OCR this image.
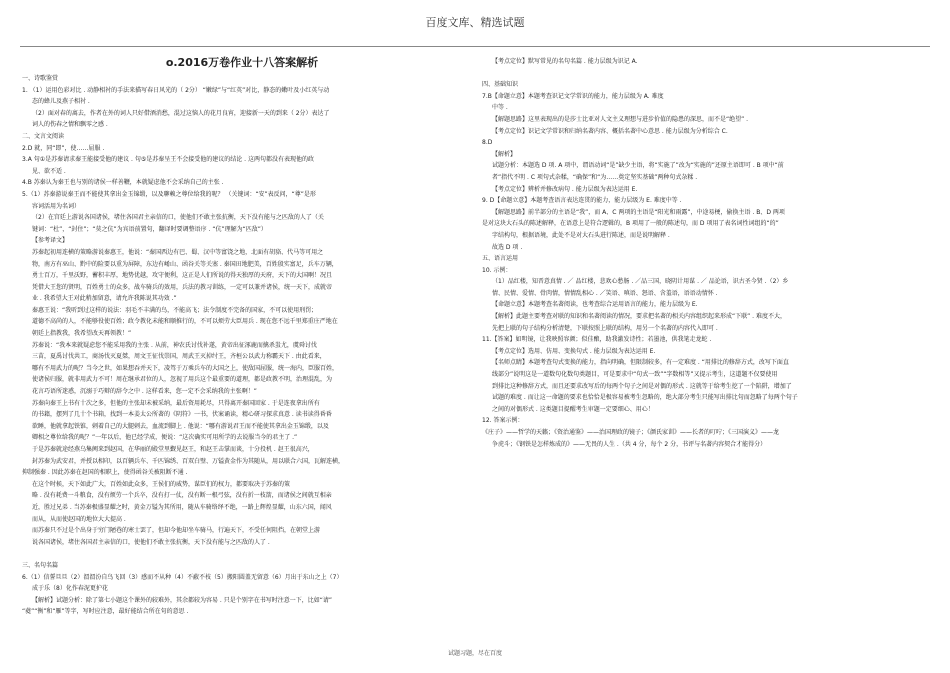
百度文库、精选试题
o.2016万卷作业十八答案解析
一、诗歌鉴赏
1. （1）运用色彩对比 . 动静相衬的手法来描写春日风光的（ 2分） “嫩绿”与“红英”对比，静态的嫩叶及小红英与动
态的蜂儿及燕子相衬 .
（2）面对春的离去，作者在外的词人只好借酒消愁，混过这恼人的花月良宵，迎接新一天的到来（ 2分）表达了
词人的伤春之情和飘零之感 .
二、文言文阅读
2.D 就，同“即”，使……屈服 .
3.A 句①是苏秦请求秦王能接受他的建议 . 句⑤是苏秦呈王不会接受他的建议的结论 . 这两句都没有表现他的政
见、欲不适 .
4.B 苏秦认为秦王也与别的诸侯一样善鞭，本就疑虑他不会采纳自己的主张 .
5.（1）苏秦游说秦王而不能使其拿出金玉锦缎，以及聊赖之尊位给我的呢？ （关键词：“安”表反问，“尊”是形
容词活用为名词）
（2）在宫廷上游说各国诸侯，堵住各国君主亲信的口，使他们不敢主张抗衡，天下没有能与之匹敌的人了（关
键词：“杜”，“封住”；“莫之伉”为宾语前置句，翻译时要调整语序 . “伉”理解为“匹敌”）
【参考译文】
苏秦起初用连横的策略游说秦惠王，他说：“秦国西边有巴、蜀、汉中等富饶之地，北面有胡貉、代马等可用之
物，南方有巫山、黔中的险要以重为屏障，东边有崤山、函谷关等关塞 . 秦国田地肥美，百姓殷实富足，兵车万辆，
勇士百万，千里沃野，蓄积丰厚，地势优越，攻守便利，这正是人们所说的得天独厚的天府，天下的大国啊！况且
凭借大王您的贤明，百姓勇士的众多，战车骑兵的效用，兵法的教习训练，一定可以兼并诸侯，统一天下，成就帝
业 . 我希望大王对此稍加留意，请允许我陈说其功效 .”
秦惠王说：“我听到过这样的说法：羽毛不丰满的鸟，不能高飞；法令制度不完备的国家，不可以使用刑罚；
道德不高尚的人，不能够役使百姓；政令教化未能和顺推行的，不可以烦劳大臣用兵 . 现在您不远千里郑重庄严地在
朝廷上指教我，我希望改天再领教！”
苏秦说：“我本来就疑虑您不能采用我的主张 . 从前，神农氏讨伐补遂，黄帝出征涿鹿而擒杀蚩尤，虞舜讨伐
三苗，夏禹讨伐共工，商汤伐灭夏桀，周文王征伐崇国，周武王灭掉纣王，齐桓公以武力称霸天下 . 由此看来，
哪有不用武力的呢？当今之世，如果想吞并天下，凌驾于万乘兵车的大国之上，使敌国屈服，统一海内，臣服百姓，
使诸侯归服，就非用武力不可！周在继承君位的人，忽视了用兵这个最重要的道理，都是政教不明，治理混乱，为
花言巧语所迷惑，沉溺于巧辩的辞令之中 . 这样看来，您一定不会采纳我的主张啊！”
苏秦向秦王上书有十次之多，但他的主张却未被采纳，最后资用耗尽，只得离开秦国回家 . 于是连夜拿出所有
的书籍，摆列了几十个书箱，找到一本姜太公所著的《阴符》一书，伏案诵读，精心研习探求真意 . 读书读得昏昏
欲睡，他就拿起铁锥，刺着自己的大腿刺去，血流到脚上 . 他说：“哪有游说君王而不能使其拿出金玉锦缎，以及
卿相之尊位给我的呢？”一年以后，他已经学成，便说：“这次确实可用所学的去说服当今的君主了 .”
于是苏秦就途经燕乌集阙来到赵国，在华丽的殿堂里觐见赵王，和赵王击掌而谈，十分投机 . 赵王很高兴，
封苏秦为武安君，并授以相印，以百辆兵车、千匹锦绣、百双白璧、万镒黄金作为其随从，用以联合六国，瓦解连横，
抑制强秦 . 因此苏秦在赵国的相职上，使得函谷关被阻断不通 .
在这个时候，天下如此广大，百姓如此众多，王侯们的威势，谋臣们的权力，都要取决于苏秦的策
略 . 没有耗费一斗粮食，没有烦劳一个兵卒，没有打一仗，没有断一根弓弦，没有折一枝箭，而诸侯之间就互相亲
近，胜过兄弟 . 当苏秦极盛显耀之时，黄金万镒为其所用，随从车骑络绎不绝，一路上辉煌显耀，山东六国，闻风
而从，从而使赵国的地位大大提高 .
而苏秦只不过是个出身于穷门陋巷的寒士罢了，但却今他却坐车骑马，行遍天下，不受任何阻挡，在朝堂上游
说各国诸侯，堵住各国君主亲信的口，使他们不敢主张抗衡，天下没有能与之匹敌的人了 .

三、名句名篇
6.（1）信誓旦旦（2）渭渭汾自鸟飞回（3）感而不从种（4）不蔽不枝（5）搬阳圆盖无留意（6）月出于东山之上（7）
成于乐（8）化作春泥更护花
【解析】试题分析：除了第七小题这个课外的较难外，其余都较为容易 . 只是个别字在书写时注意一下，比如“请”
“蕤”“衡”和“雁”等字，写时应注意，最好能结合所在句的意思 .
【考点定位】默写常见的名句名篇 . 能力层级为识记 A.

四、基础知识
7.B【命题立意】本题考查识记文学常识的能力，能力层级为 A. 难度
中等 .
【解题思路】这里表现出的是莎士比亚对人文主义理想与进步价值的隐患的深思，而不是“绝望” .
【考点定位】识记文学常识和归纳名著内容、概括名著中心意思 . 能力层级为分析综合 C.
8.D
【解析】
试题分析：本题选 D 项. A 项中，谓语动词“是”缺少主语，将“实施了”改为“实施的”还原主语即可 . B 项中“前
者”指代不明 . C 项句式杂糅，“确保”和“为……奠定坚实基础”两种句式杂糅 .
【考点定位】辨析并修改病句 . 能力层级为表达运用 E.
9. D【命题立意】本题考查语言表达连贯的能力，能力层级为 E. 难度中等 .
【解题思路】前半部分的主语是“我”，而 A、C 两项的主语是“阳光和雨露”，中途易梗，偷换主语 . B、D 两项
是对这块大石头的陈述解释，在语意上是符合逻辑的，B 项用了一般的陈述句，而 D 项用了表名词性词组的“的”
字结构句，根据语境，此处不是对大石头进行陈述，而是说明解释 .
故选 D 项 .
五、语言运用
10. 示例：
（1）品红楼，知晋意真情 . ／ 品红楼，悲欢心愁肠 . ／品三国，晓阴计用谋 . ／ 品论语，识古圣今贤 .（2）乡
情、民情、爱情、骨肉情，情情乱相心 . ／笑语、嗔语、怒语、含羞语，语语动情怀 .
【命题立意】本题考查名著阅读，也考查综合运用语言的能力，能力层级为 E.
【解析】此题主要考查对联的知识和名著阅读的情况，要求把名著的相关内容组织起来形成“下联” . 难度不大，
先把上联的句子结构分析清楚，下联按照上联的结构，用另一个名著的内容代入即可 .
11.【答案】如明镜，让我映照容颜；似佳酿，助我激发诗性；若墨池，供我笔走龙蛇 .
【考点定位】选用、仿用、变换句式 . 能力层级为表达运用 E.
【名师点睛】本题考查句式变换的能力，指向明确，但限制较多，有一定难度 . “用排比的修辞方式，改写下面直
线部分”说明这是一道数句化数句类题目，可是要求中“句式一致”“字数相等”又提示考生，这道题不仅要使用
到排比这种修辞方式，而且还要求改写后的每两个句子之间是对偶的形式 . 这就等于给考生挖了一个陷阱，增加了
试题的难度 . 而让这一命题的要求也恰恰是极容易被考生忽略的，绝大部分考生只能写出排比句而忽略了每两个句子
之间的对偶形式 . 这类题目提醒考生审题一定要细心、用心！
12. 答案示例：
《庄子》——哲学的天籁；《资治通鉴》——治国理政的镜子；《颜氏家训》——长者的叮咛；《三国演义》——龙
争虎斗；《钢铁是怎样炼成的》——无畏的人生 .（共 4 分，每个 2 分，书评与名著内容契合才能得分）
试题习题，尽在百度
